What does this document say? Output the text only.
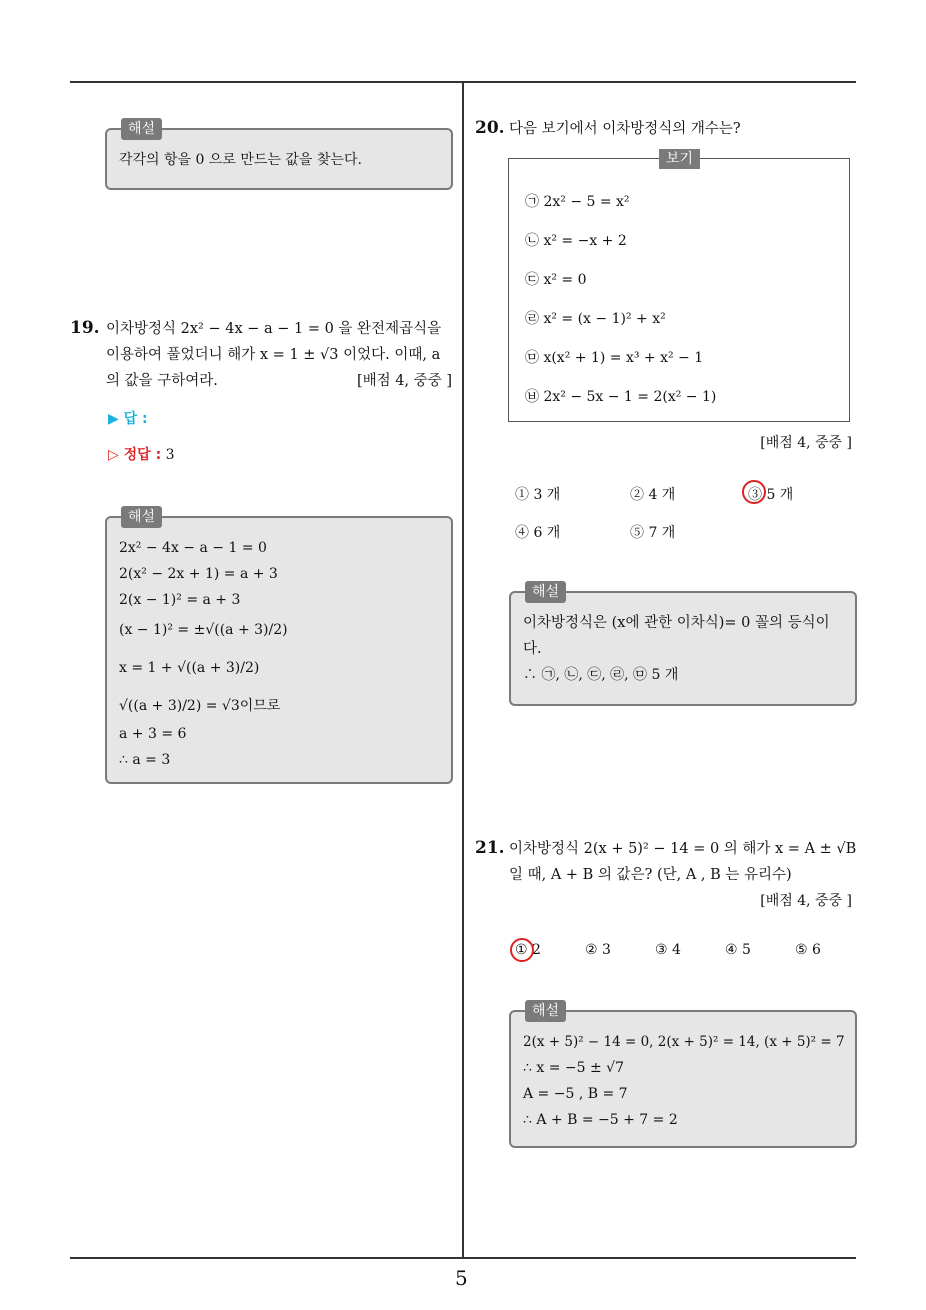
해설
각각의 항을 0 으로 만드는 값을 찾는다.
19. 이차방정식 2x² − 4x − a − 1 = 0 을 완전제곱식을
이용하여 풀었더니 해가 x = 1 ± √3 이었다. 이때, a
의 값을 구하여라.	[배점 4, 중중 ]
▶ 답 :
▷ 정답 : 3
해설
2x² − 4x − a − 1 = 0
2(x² − 2x + 1) = a + 3
2(x − 1)² = a + 3
(x − 1)² = ±√((a + 3)/2)
x = 1 + √((a + 3)/2)
√((a + 3)/2) = √3이므로
a + 3 = 6
∴ a = 3
20. 다음 보기에서 이차방정식의 개수는?
보기
㉠ 2x² − 5 = x²
㉡ x² = −x + 2
㉢ x² = 0
㉣ x² = (x − 1)² + x²
㉤ x(x² + 1) = x³ + x² − 1
㉥ 2x² − 5x − 1 = 2(x² − 1)
[배점 4, 중중 ]
① 3 개	② 4 개	③ 5 개
④ 6 개	⑤ 7 개
해설
이차방정식은 (x에 관한 이차식)= 0 꼴의 등식이
다.
∴ ㉠, ㉡, ㉢, ㉣, ㉤ 5 개
21. 이차방정식 2(x + 5)² − 14 = 0 의 해가 x = A ± √B
일 때, A + B 의 값은? (단, A , B 는 유리수)
[배점 4, 중중 ]
① 2	② 3	③ 4	④ 5	⑤ 6
해설
2(x + 5)² − 14 = 0, 2(x + 5)² = 14, (x + 5)² = 7
∴ x = −5 ± √7
A = −5 , B = 7
∴ A + B = −5 + 7 = 2
5
